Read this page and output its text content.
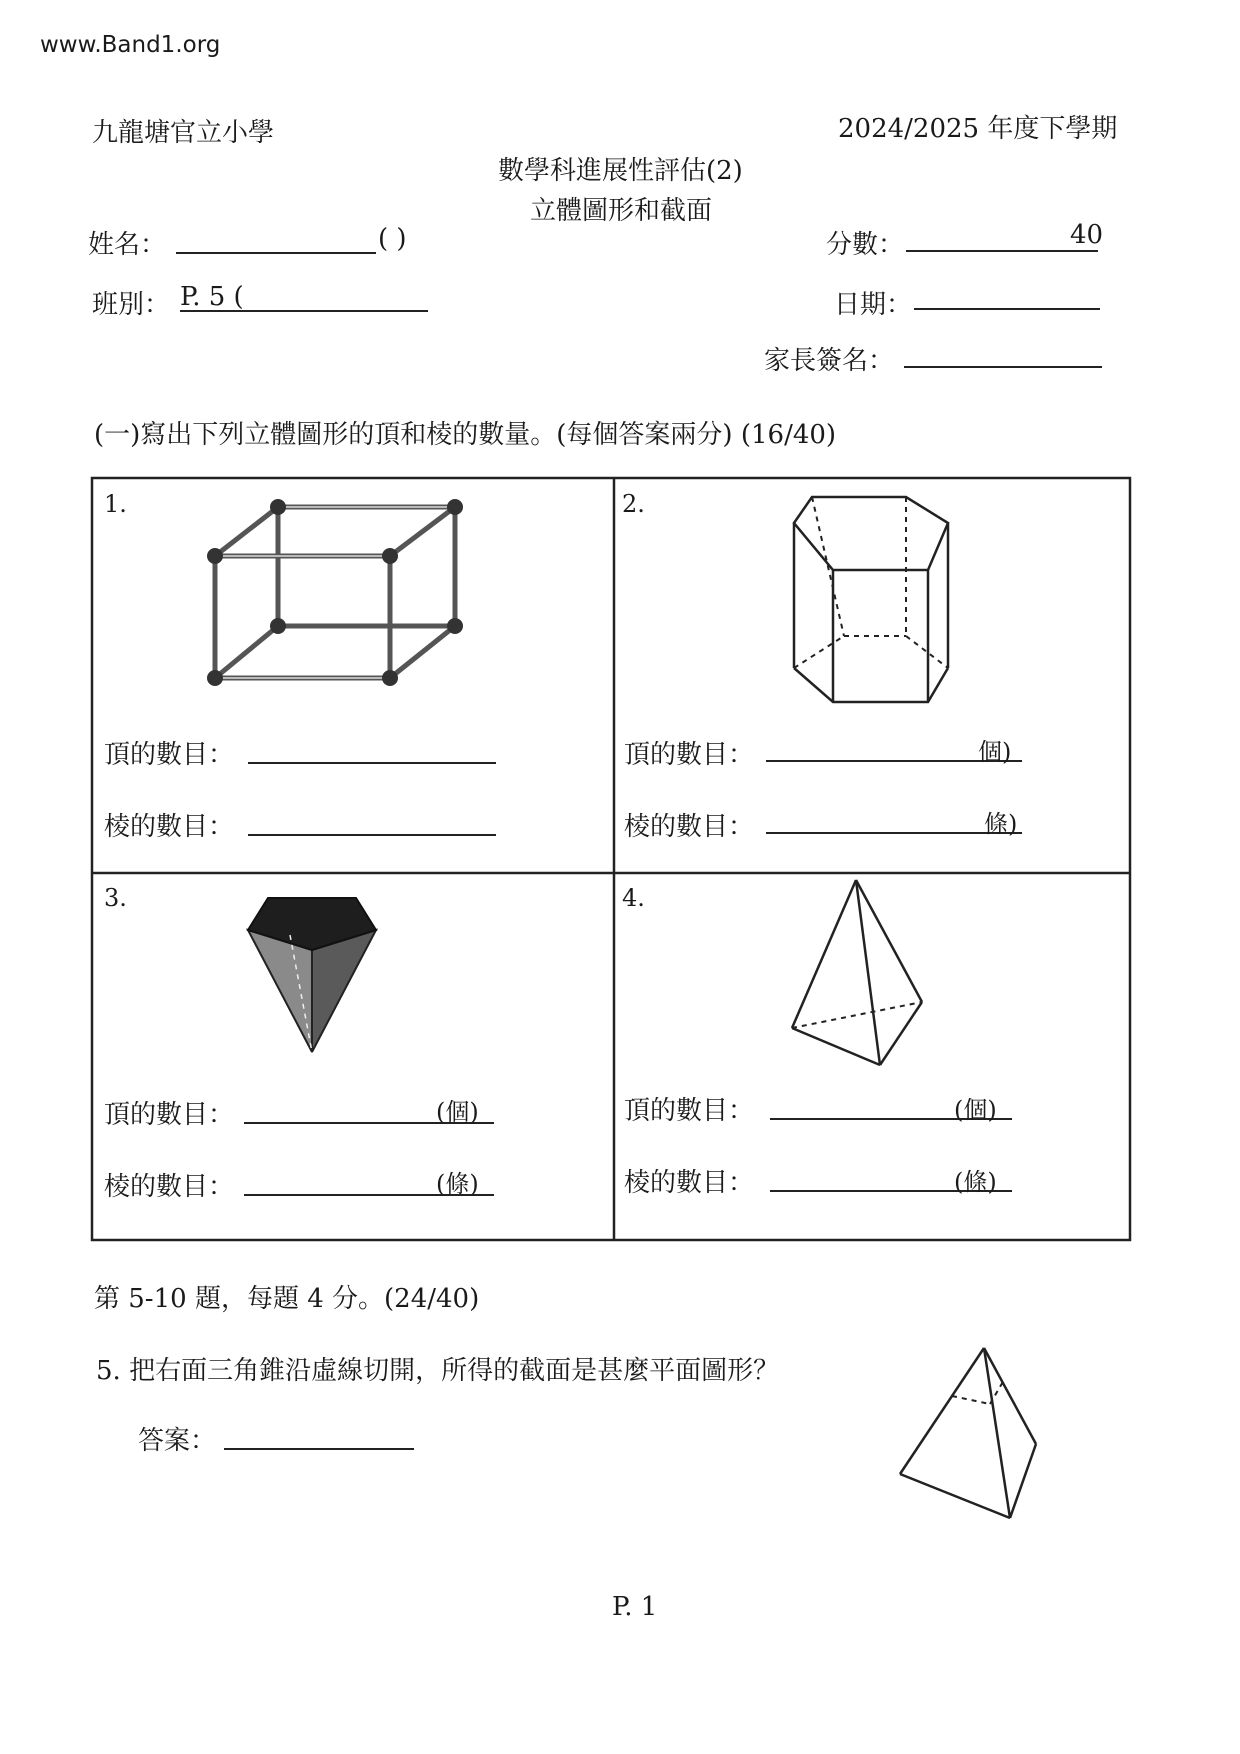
www.Band1.org
九龍塘官立小學	2024/2025 年度下學期
數學科進展性評估(2)
立體圖形和截面
姓名：	( )	分數：	40
班別： P. 5 (	日期：
家長簽名：
(一)寫出下列立體圖形的頂和棱的數量。(每個答案兩分) (16/40)
1.
頂的數目：
棱的數目：
2.
頂的數目：	個)
棱的數目：	條)
3.
頂的數目：	(個)
棱的數目：	(條)
4.
頂的數目：	(個)
棱的數目：	(條)
第 5-10 題，每題 4 分。(24/40)
5. 把右面三角錐沿虛線切開，所得的截面是甚麼平面圖形？
答案：
P. 1
